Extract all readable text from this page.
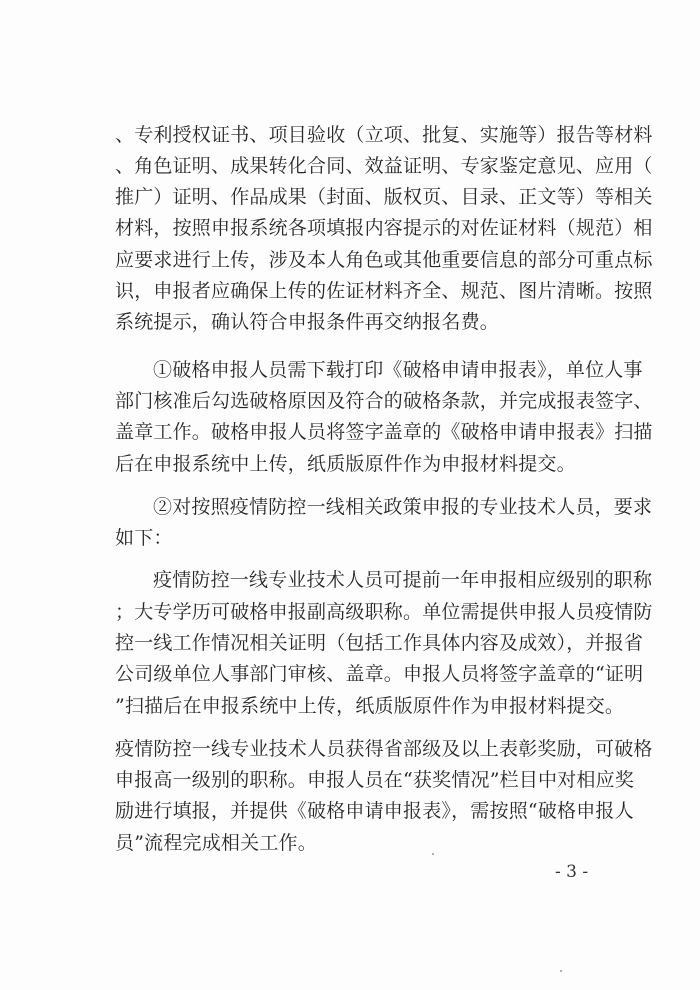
、专利授权证书、项目验收（立项、批复、实施等）报告等材料
、角色证明、成果转化合同、效益证明、专家鉴定意见、应用（
推广）证明、作品成果（封面、版权页、目录、正文等）等相关
材料，按照申报系统各项填报内容提示的对佐证材料（规范）相
应要求进行上传，涉及本人角色或其他重要信息的部分可重点标
识，申报者应确保上传的佐证材料齐全、规范、图片清晰。按照
系统提示，确认符合申报条件再交纳报名费。
①破格申报人员需下载打印《破格申请申报表》，单位人事
部门核准后勾选破格原因及符合的破格条款，并完成报表签字、
盖章工作。破格申报人员将签字盖章的《破格申请申报表》扫描
后在申报系统中上传，纸质版原件作为申报材料提交。
②对按照疫情防控一线相关政策申报的专业技术人员，要求
如下：
疫情防控一线专业技术人员可提前一年申报相应级别的职称
；大专学历可破格申报副高级职称。单位需提供申报人员疫情防
控一线工作情况相关证明（包括工作具体内容及成效），并报省
公司级单位人事部门审核、盖章。申报人员将签字盖章的“证明
”扫描后在申报系统中上传，纸质版原件作为申报材料提交。
疫情防控一线专业技术人员获得省部级及以上表彰奖励，可破格
申报高一级别的职称。申报人员在“获奖情况”栏目中对相应奖
励进行填报，并提供《破格申请申报表》，需按照“破格申报人
员”流程完成相关工作。
- 3 -
